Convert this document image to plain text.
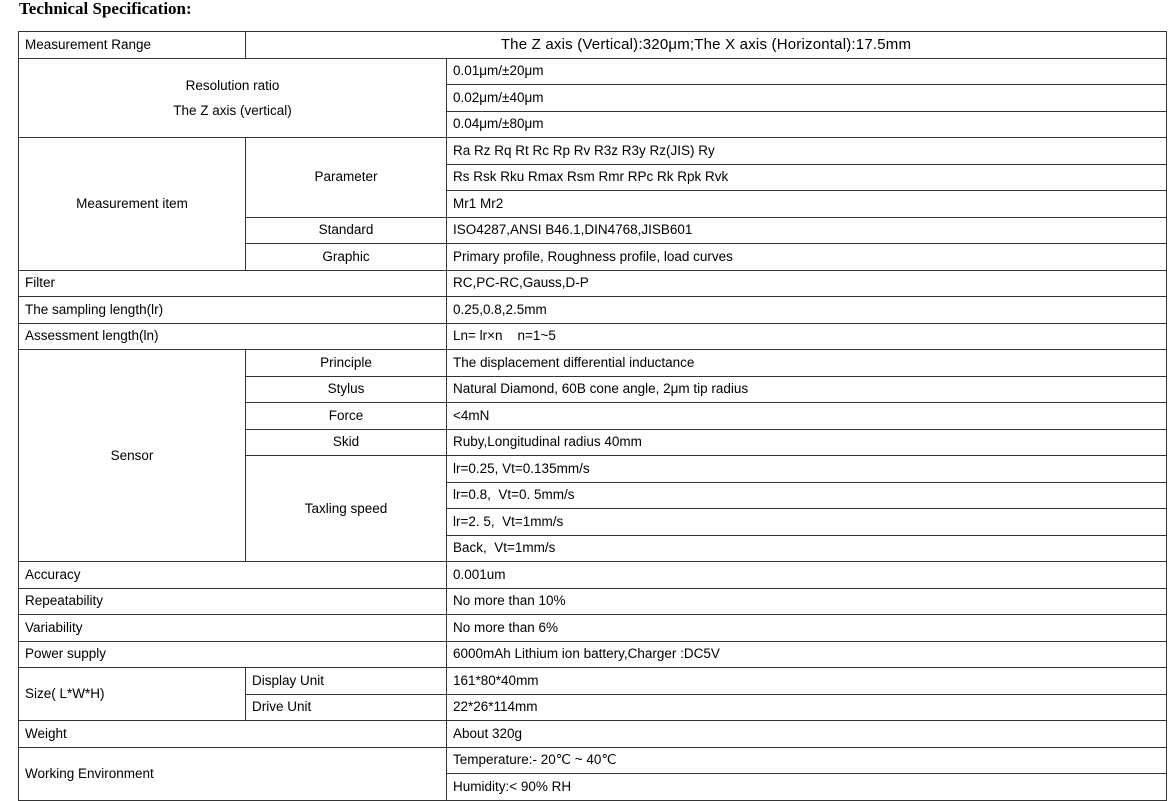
Technical Specification:
Measurement Range	The Z axis (Vertical):320μm;The X axis (Horizontal):17.5mm	

Resolution ratio
The Z axis (vertical)		0.01μm/±20μm
		0.02μm/±40μm
		0.04μm/±80μm
Measurement item	Parameter	Ra Rz Rq Rt Rc Rp Rv R3z R3y Rz(JIS) Ry
		Rs Rsk Rku Rmax Rsm Rmr RPc Rk Rpk Rvk
		Mr1 Mr2
	Standard	ISO4287,ANSI B46.1,DIN4768,JISB601
	Graphic	Primary profile, Roughness profile, load curves
Filter		RC,PC-RC,Gauss,D-P
The sampling length(lr)		0.25,0.8,2.5mm
Assessment length(ln)		Ln= lr×n    n=1~5
Sensor	Principle	The displacement differential inductance
	Stylus	Natural Diamond, 60B cone angle, 2μm tip radius
	Force	<4mN
	Skid	Ruby,Longitudinal radius 40mm
	Taxling speed	lr=0.25, Vt=0.135mm/s
		lr=0.8,  Vt=0. 5mm/s
		lr=2. 5,  Vt=1mm/s
		Back,  Vt=1mm/s
Accuracy		0.001um
Repeatability		No more than 10%
Variability		No more than 6%
Power supply		6000mAh Lithium ion battery,Charger :DC5V
Size( L*W*H)	Display Unit	161*80*40mm
	Drive Unit	22*26*114mm
Weight		About 320g
Working Environment		Temperature:- 20℃ ~ 40℃
		Humidity:< 90% RH
